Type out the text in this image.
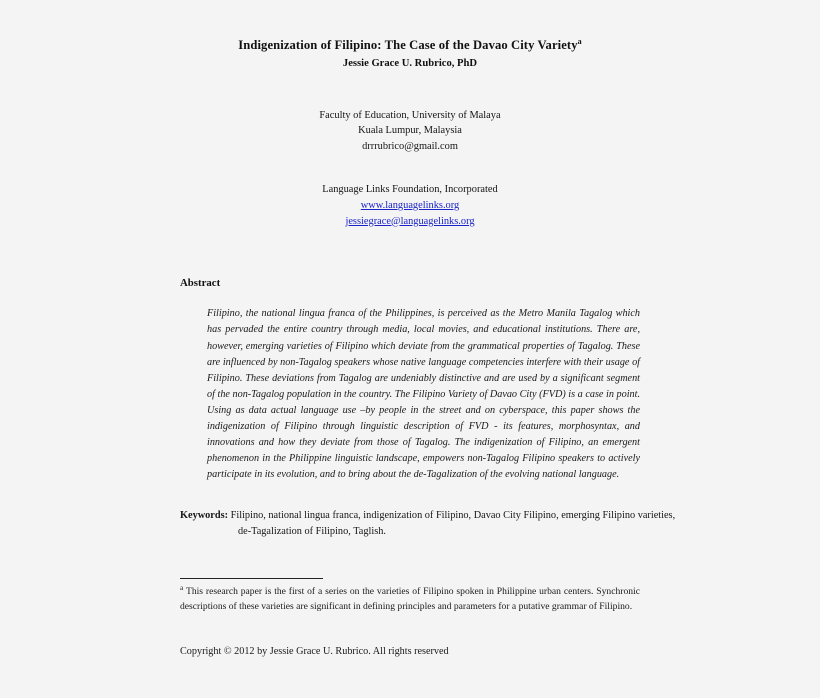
Indigenization of Filipino: The Case of the Davao City Variety$^a$

Jessie Grace U. Rubrico, PhD

Faculty of Education, University of Malaya
Kuala Lumpur, Malaysia
drrrubrico@gmail.com
Language Links Foundation, Incorporated
www.languagelinks.org
jessiegrace@languagelinks.org
Abstract
Filipino, the national lingua franca of the Philippines, is perceived as the Metro Manila Tagalog which has pervaded the entire country through media, local movies, and educational institutions. There are, however, emerging varieties of Filipino which deviate from the grammatical properties of Tagalog. These are influenced by non-Tagalog speakers whose native language competencies interfere with their usage of Filipino. These deviations from Tagalog are undeniably distinctive and are used by a significant segment of the non-Tagalog population in the country. The Filipino Variety of Davao City (FVD) is a case in point. Using as data actual language use –by people in the street and on cyberspace, this paper shows the indigenization of Filipino through linguistic description of FVD - its features, morphosyntax, and innovations and how they deviate from those of Tagalog. The indigenization of Filipino, an emergent phenomenon in the Philippine linguistic landscape, empowers non-Tagalog Filipino speakers to actively participate in its evolution, and to bring about the de-Tagalization of the evolving national language.
Keywords: Filipino, national lingua franca, indigenization of Filipino, Davao City Filipino, emerging Filipino varieties, de-Tagalization of Filipino, Taglish.
$^a$ This research paper is the first of a series on the varieties of Filipino spoken in Philippine urban centers. Synchronic descriptions of these varieties are significant in defining principles and parameters for a putative grammar of Filipino.
Copyright © 2012 by Jessie Grace U. Rubrico. All rights reserved
